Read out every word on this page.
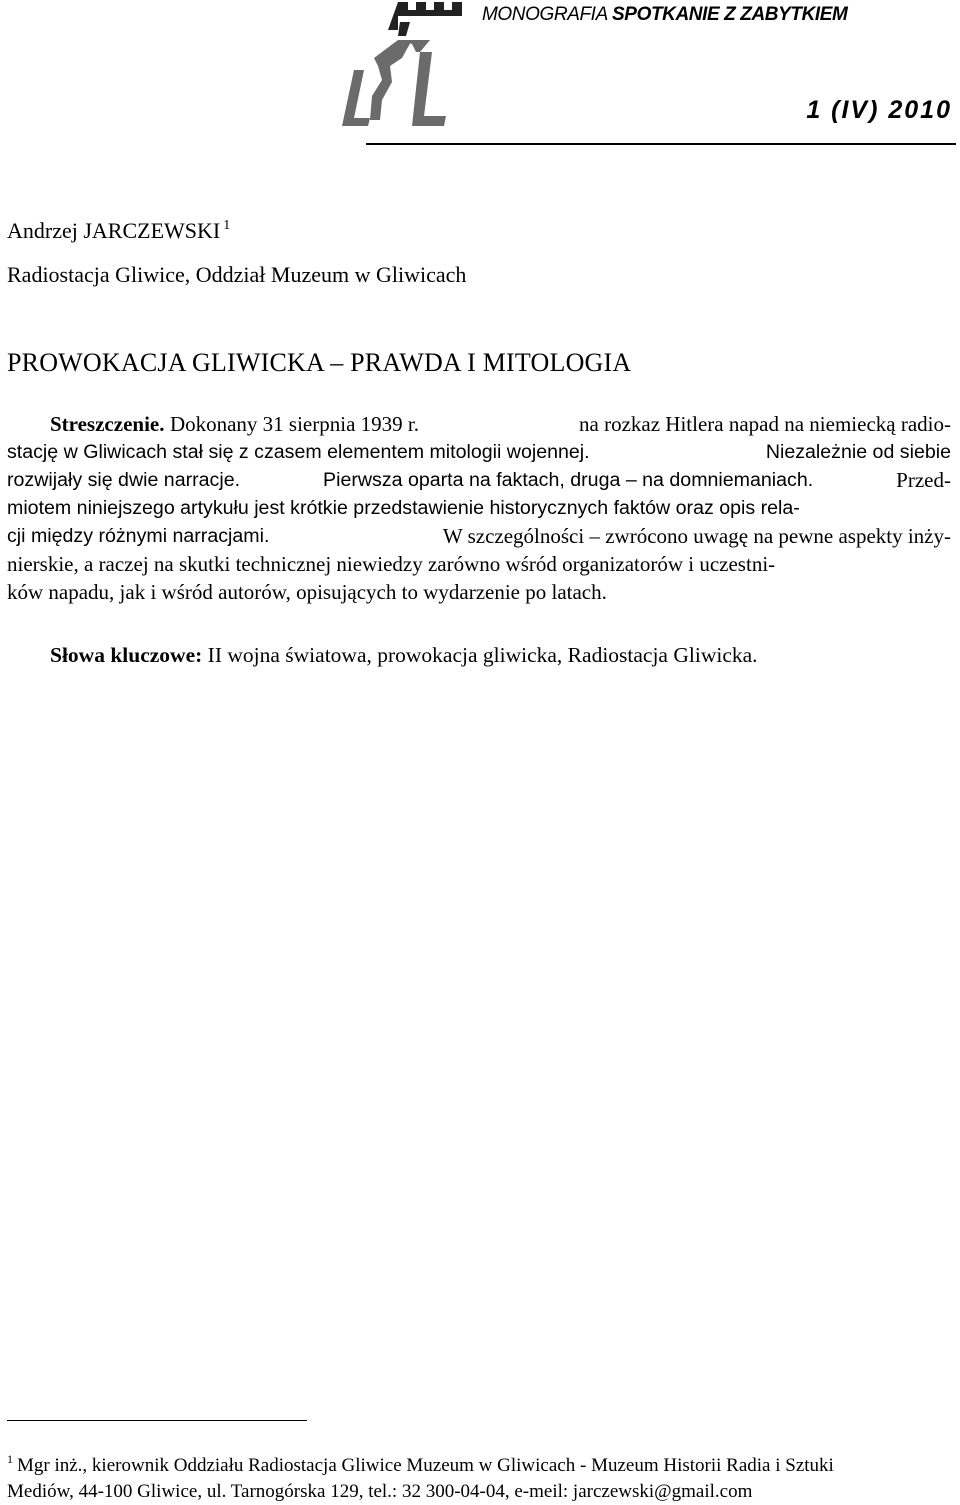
MONOGRAFIA SPOTKANIE Z ZABYTKIEM
1 (IV) 2010
Andrzej JARCZEWSKI $^1$
Radiostacja Gliwice, Oddział Muzeum w Gliwicach
PROWOKACJA GLIWICKA – PRAWDA I MITOLOGIA
Streszczenie. Dokonany 31 sierpnia 1939 r.	na rozkaz Hitlera napad na niemiecką radio-
stację w Gliwicach stał się z czasem elementem mitologii wojennej.	Niezależnie od siebie
rozwijały się dwie narracje.	Pierwsza oparta na faktach, druga – na domniemaniach.	Przed-
miotem niniejszego artykułu jest krótkie przedstawienie historycznych faktów oraz opis rela-
cji między różnymi narracjami.	W szczególności – zwrócono uwagę na pewne aspekty inży-
nierskie, a raczej na skutki technicznej niewiedzy zarówno wśród organizatorów i uczestni-
ków napadu, jak i wśród autorów, opisujących to wydarzenie po latach.
Słowa kluczowe: II wojna światowa, prowokacja gliwicka, Radiostacja Gliwicka.
$^1$ Mgr inż., kierownik Oddziału Radiostacja Gliwice Muzeum w Gliwicach - Muzeum Historii Radia i Sztuki
Mediów, 44-100 Gliwice, ul. Tarnogórska 129, tel.: 32 300-04-04, e-meil: jarczewski@gmail.com
